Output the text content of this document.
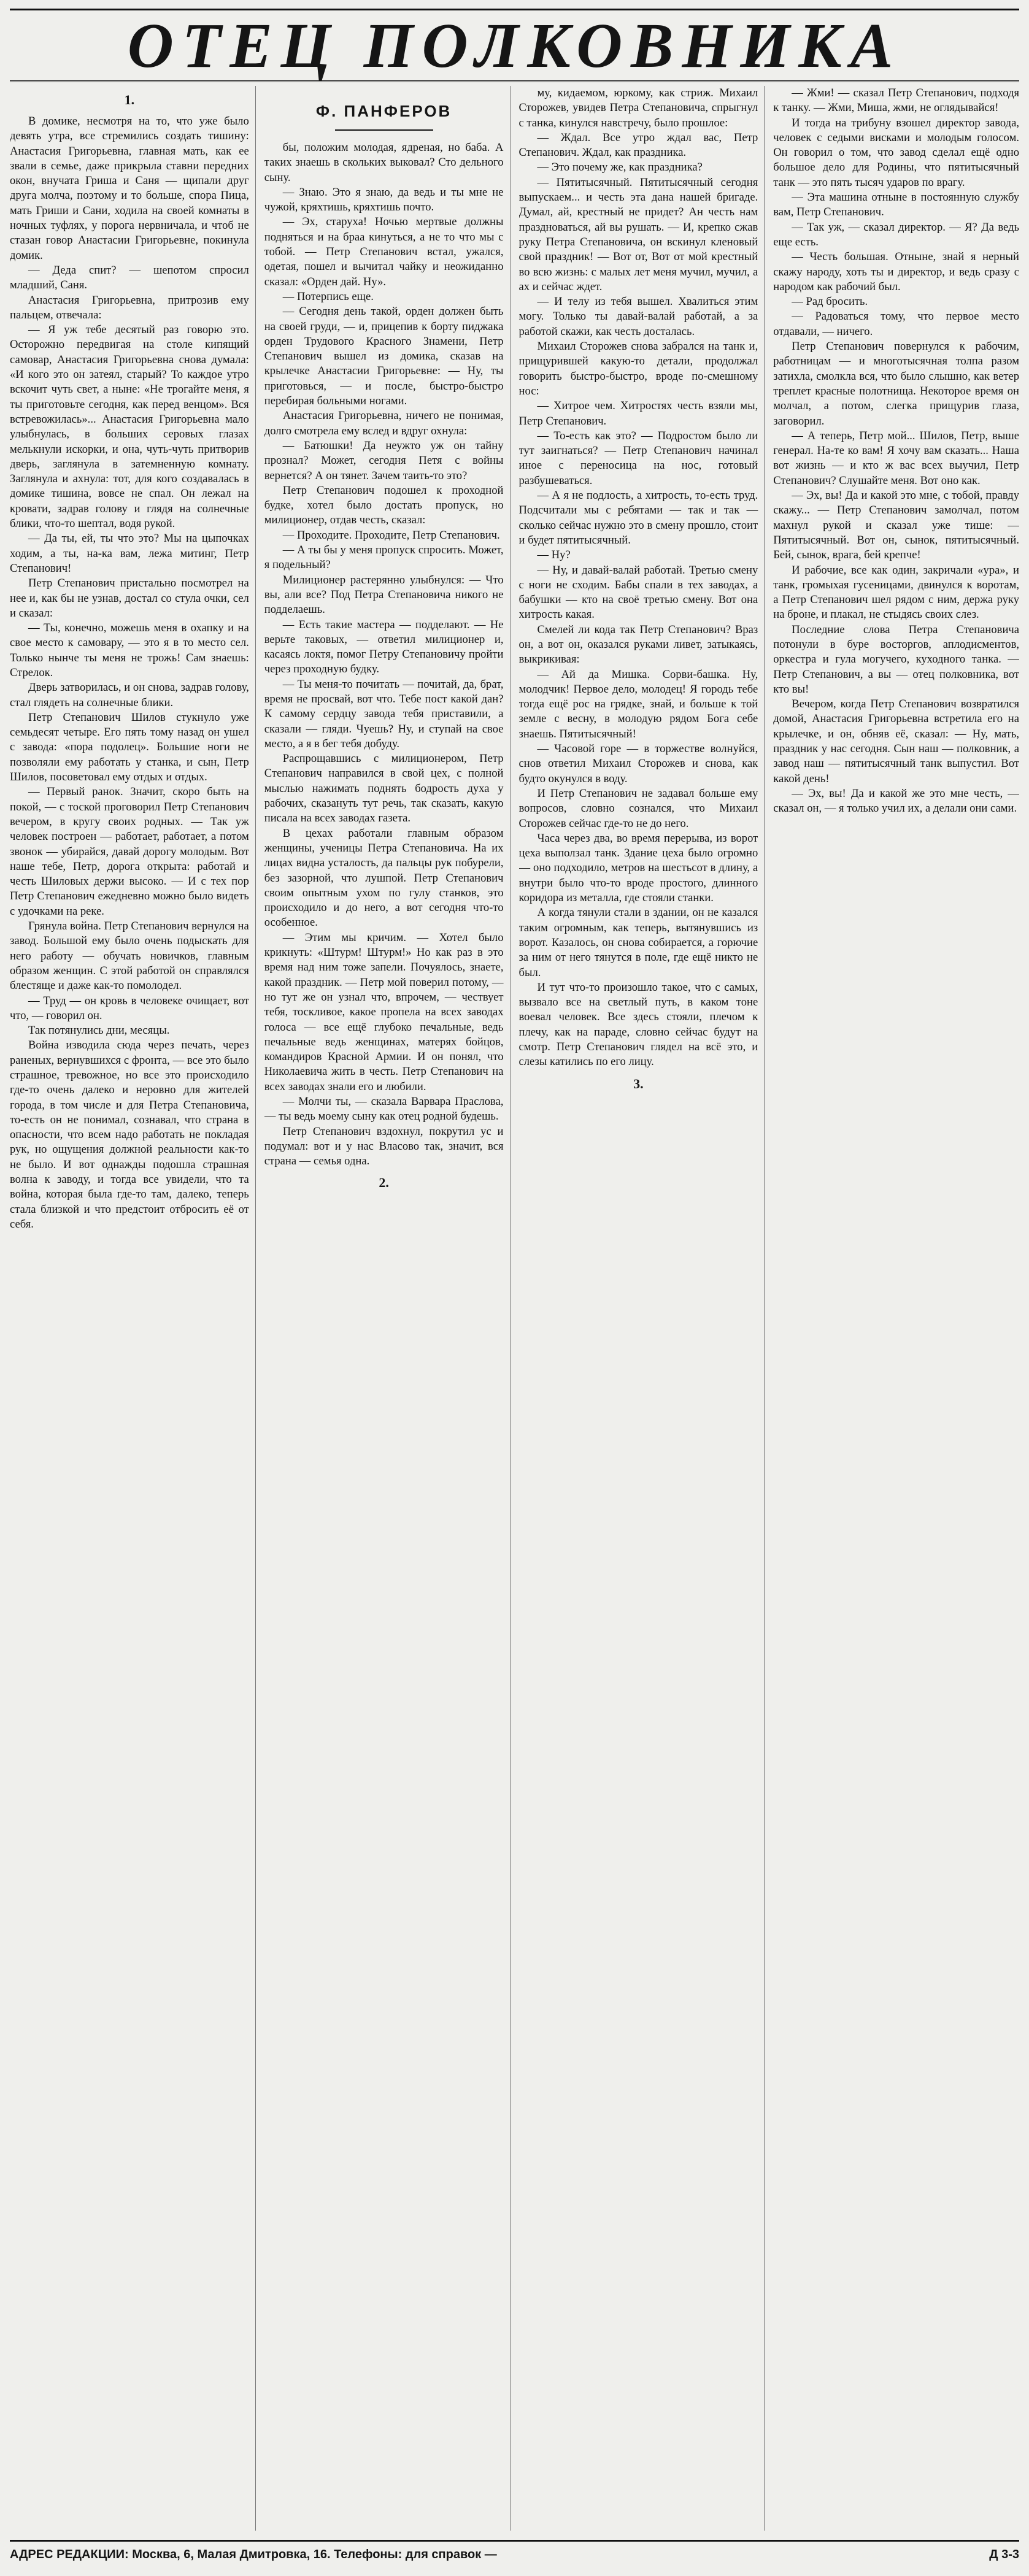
ОТЕЦ ПОЛКОВНИКА
1.

В домике, несмотря на то, что уже было девять утра, все стремились создать тишину: Анастасия Григорьевна, главная мать, как ее звали в семье, даже прикрыла ставни передних окон, внучата Гриша и Саня — щипали друг друга молча, поэтому и то больше, спора Пица, мать Гриши и Сани, ходила на своей комнаты в ночных туфлях, у порога нервничала, и чтоб не стазан говор Анастасии Григорьевне, покинула домик.

— Деда спит? — шепотом спросил младший, Саня.

Анастасия Григорьевна, притрозив ему пальцем, отвечала:

— Я уж тебе десятый раз говорю это. Осторожно передвигая на столе кипящий самовар, Анастасия Григорьевна снова думала: «И кого это он затеял, старый? То каждое утро вскочит чуть свет, а ныне: «Не трогайте меня, я ты приготовьте сегодня, как перед венцом». Вся встревожилась»... Анастасия Григорьевна мало улыбнулась, в больших серовых глазах мелькнули искорки, и она, чуть-чуть притворив дверь, заглянула в затемненную комнату. Заглянула и ахнула: тот, для кого создавалась в домике тишина, вовсе не спал. Он лежал на кровати, задрав голову и глядя на солнечные блики, что-то шептал, водя рукой.

— Да ты, ей, ты что это? Мы на цыпочках ходим, а ты, на-ка вам, лежа митинг, Петр Степанович!

Петр Степанович пристально посмотрел на нее и, как бы не узнав, достал со стула очки, сел и сказал:

— Ты, конечно, можешь меня в охапку и на свое место к самовару, — это я в то место сел. Только нынче ты меня не трожь! Сам знаешь: Стрелок.

Дверь затворилась, и он снова, задрав голову, стал глядеть на солнечные блики.

Петр Степанович Шилов стукнуло уже семьдесят четыре. Его пять тому назад он ушел с завода: «пора подолец». Большие ноги не позволяли ему работать у станка, и сын, Петр Шилов, посоветовал ему отдых и отдых.

— Первый ранок. Значит, скоро быть на покой, — с тоской проговорил Петр Степанович вечером, в кругу своих родных. — Так уж человек построен — работает, работает, а потом звонок — убирайся, давай дорогу молодым. Вот наше тебе, Петр, дорога открыта: работай и честь Шиловых держи высоко. — И с тех пор Петр Степанович ежедневно можно было видеть с удочками на реке.

Грянула война. Петр Степанович вернулся на завод. Большой ему было очень подыскать для него работу — обучать новичков, главным образом женщин. С этой работой он справлялся блестяще и даже как-то помолодел.

— Труд — он кровь в человеке очищает, вот что, — говорил он.

Так потянулись дни, месяцы.

Война изводила сюда через печать, через раненых, вернувшихся с фронта, — все это было страшное, тревожное, но все это происходило где-то очень далеко и неровно для жителей города, в том числе и для Петра Степановича, то-есть он не понимал, сознавал, что страна в опасности, что всем надо работать не покладая рук, но ощущения должной реальности как-то не было. И вот однажды подошла страшная волна к заводу, и тогда все увидели, что та война, которая была где-то там, далеко, теперь стала близкой и что предстоит отбросить её от себя.

Ф. ПАНФЕРОВ

бы, положим молодая, ядреная, но баба. А таких знаешь в скольких выковал? Сто дельного сыну.

— Знаю. Это я знаю, да ведь и ты мне не чужой, кряхтишь, кряхтишь почто.

— Эх, старуха! Ночью мертвые должны подняться и на браа кинуться, а не то что мы с тобой. — Петр Степанович встал, ужался, одетая, пошел и вычитал чайку и неожиданно сказал: «Орден дай. Ну».

— Потерпись еще.

— Сегодня день такой, орден должен быть на своей груди, — и, прицепив к борту пиджака орден Трудового Красного Знамени, Петр Степанович вышел из домика, сказав на крылечке Анастасии Григорьевне: — Ну, ты приготовься, — и после, быстро-быстро перебирая больными ногами.

Анастасия Григорьевна, ничего не понимая, долго смотрела ему вслед и вдруг охнула:

— Батюшки! Да неужто уж он тайну прознал? Может, сегодня Петя с войны вернется? А он тянет. Зачем таить-то это?

Петр Степанович подошел к проходной будке, хотел было достать пропуск, но милиционер, отдав честь, сказал:

— Проходите. Проходите, Петр Степанович.

— А ты бы у меня пропуск спросить. Может, я подельный?

Милиционер растерянно улыбнулся: — Что вы, али все? Под Петра Степановича никого не подделаешь.

— Есть такие мастера — подделают. — Не верьте таковых, — ответил милиционер и, касаясь локтя, помог Петру Степановичу пройти через проходную будку.

— Ты меня-то почитать — почитай, да, брат, время не просвай, вот что. Тебе пост какой дан? К самому сердцу завода тебя приставили, а сказали — гляди. Чуешь? Ну, и ступай на свое место, а я в бег тебя добуду.

Распрощавшись с милиционером, Петр Степанович направился в свой цех, с полной мыслью нажимать поднять бодрость духа у рабочих, сказануть тут речь, так сказать, какую писала на всех заводах газета.

В цехах работали главным образом женщины, ученицы Петра Степановича. На их лицах видна усталость, да пальцы рук побурели, без зазорной, что лушпой. Петр Степанович своим опытным ухом по гулу станков, это происходило и до него, а вот сегодня что-то особенное.

— Этим мы кричим. — Хотел было крикнуть: «Штурм! Штурм!» Но как раз в это время над ним тоже запели. Почуялось, знаете, какой праздник. — Петр мой поверил потому, — но тут же он узнал что, впрочем, — чествует тебя, тоскливое, какое пропела на всех заводах голоса — все ещё глубоко печальные, ведь печальные ведь женщинах, матерях бойцов, командиров Красной Армии. И он понял, что Николаевича жить в честь. Петр Степанович на всех заводах знали его и любили.

— Молчи ты, — сказала Варвара Праслова, — ты ведь моему сыну как отец родной будешь.

Петр Степанович вздохнул, покрутил ус и подумал: вот и у нас Власово так, значит, вся страна — семья одна.

2.

му, кидаемом, юркому, как стриж. Михаил Сторожев, увидев Петра Степановича, спрыгнул с танка, кинулся навстречу, было прошлое:

— Ждал. Все утро ждал вас, Петр Степанович. Ждал, как праздника.

— Это почему же, как праздника?

— Пятитысячный. Пятитысячный сегодня выпускаем... и честь эта дана нашей бригаде. Думал, ай, крестный не придет? Ан честь нам праздноваться, ай вы рушать. — И, крепко сжав руку Петра Степановича, он вскинул кленовый свой праздник! — Вот от, Вот от мой крестный во всю жизнь: с малых лет меня мучил, мучил, а ах и сейчас ждет.

— И телу из тебя вышел. Хвалиться этим могу. Только ты давай-валай работай, а за работой скажи, как честь досталась.

Михаил Сторожев снова забрался на танк и, прищурившей какую-то детали, продолжал говорить быстро-быстро, вроде по-смешному нос:

— Хитрое чем. Хитростях честь взяли мы, Петр Степанович.

— То-есть как это? — Подростом было ли тут заигнаться? — Петр Степанович начинал иное с переносица на нос, готовый разбушеваться.

— А я не подлость, а хитрость, то-есть труд. Подсчитали мы с ребятами — так и так — сколько сейчас нужно это в смену прошло, стоит и будет пятитысячный.

— Ну?

— Ну, и давай-валай работай. Третью смену с ноги не сходим. Бабы спали в тех заводах, а бабушки — кто на своё третью смену. Вот она хитрость какая.

Смелей ли кода так Петр Степанович? Враз он, а вот он, оказался руками ливет, затыкаясь, выкрикивая:

— Ай да Мишка. Сорви-башка. Ну, молодчик! Первое дело, молодец! Я городь тебе тогда ещё рос на грядке, знай, и больше к той земле с весну, в молодую рядом Бога себе знаешь. Пятитысячный!

— Часовой горе — в торжестве волнуйся, снов ответил Михаил Сторожев и снова, как будто окунулся в воду.

И Петр Степанович не задавал больше ему вопросов, словно сознался, что Михаил Сторожев сейчас где-то не до него.

Часа через два, во время перерыва, из ворот цеха выползал танк. Здание цеха было огромно — оно подходило, метров на шестьсот в длину, а внутри было что-то вроде простого, длинного коридора из металла, где стояли станки.

А когда тянули стали в здании, он не казался таким огромным, как теперь, вытянувшись из ворот. Казалось, он снова собирается, а горючие за ним от него тянутся в поле, где ещё никто не был.

И тут что-то произошло такое, что с самых, вызвало все на светлый путь, в каком тоне воевал человек. Все здесь стояли, плечом к плечу, как на параде, словно сейчас будут на смотр. Петр Степанович глядел на всё это, и слезы катились по его лицу.

3.

— Жми! — сказал Петр Степанович, подходя к танку. — Жми, Миша, жми, не оглядывайся!

И тогда на трибуну взошел директор завода, человек с седыми висками и молодым голосом. Он говорил о том, что завод сделал ещё одно большое дело для Родины, что пятитысячный танк — это пять тысяч ударов по врагу.

— Эта машина отныне в постоянную службу вам, Петр Степанович.

— Так уж, — сказал директор. — Я? Да ведь еще есть.

— Честь большая. Отныне, знай я нерный скажу народу, хоть ты и директор, и ведь сразу с народом как рабочий был.

— Рад бросить.

— Радоваться тому, что первое место отдавали, — ничего.

Петр Степанович повернулся к рабочим, работницам — и многотысячная толпа разом затихла, смолкла вся, что было слышно, как ветер треплет красные полотнища. Некоторое время он молчал, а потом, слегка прищурив глаза, заговорил.

— А теперь, Петр мой... Шилов, Петр, выше генерал. На-те ко вам! Я хочу вам сказать... Наша вот жизнь — и кто ж вас всех выучил, Петр Степанович? Слушайте меня. Вот оно как.

— Эх, вы! Да и какой это мне, с тобой, правду скажу... — Петр Степанович замолчал, потом махнул рукой и сказал уже тише: — Пятитысячный. Вот он, сынок, пятитысячный. Бей, сынок, врага, бей крепче!

И рабочие, все как один, закричали «ура», и танк, громыхая гусеницами, двинулся к воротам, а Петр Степанович шел рядом с ним, держа руку на броне, и плакал, не стыдясь своих слез.

Последние слова Петра Степановича потонули в буре восторгов, аплодисментов, оркестра и гула могучего, куходного танка. — Петр Степанович, а вы — отец полковника, вот кто вы!

Вечером, когда Петр Степанович возвратился домой, Анастасия Григорьевна встретила его на крылечке, и он, обняв её, сказал: — Ну, мать, праздник у нас сегодня. Сын наш — полковник, а завод наш — пятитысячный танк выпустил. Вот какой день!

— Эх, вы! Да и какой же это мне честь, — сказал он, — я только учил их, а делали они сами.

АДРЕС РЕДАКЦИИ: Москва, 6, Малая Дмитровка, 16. Телефоны: для справок —	Д 3-3
